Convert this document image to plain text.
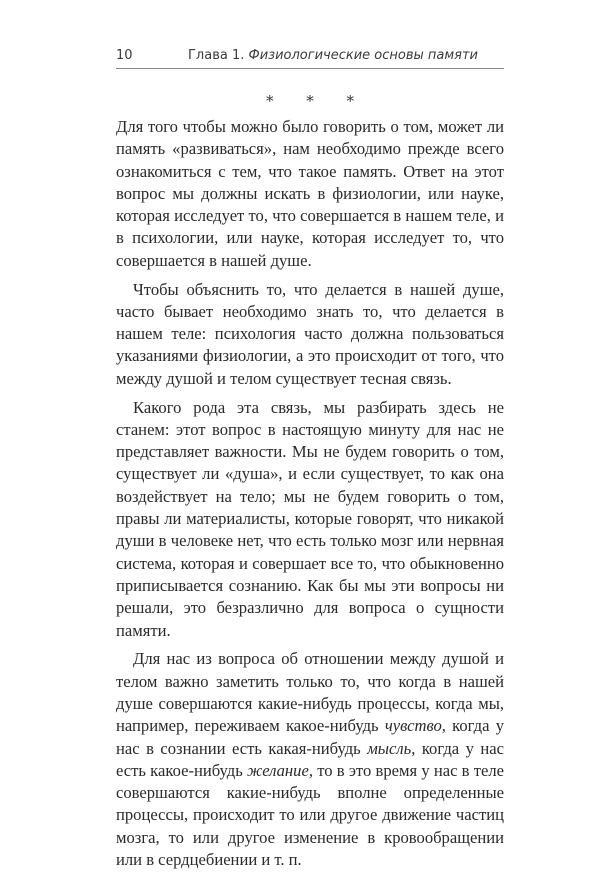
10	Глава 1. Физиологические основы памяти
* * *

Для того чтобы можно было говорить о том, может ли память «развиваться», нам необходимо прежде всего ознакомиться с тем, что такое память. Ответ на этот вопрос мы должны искать в физиологии, или науке, которая исследует то, что совершается в нашем теле, и в психологии, или науке, которая исследует то, что совершается в нашей душе.

Чтобы объяснить то, что делается в нашей душе, часто бывает необходимо знать то, что делается в нашем теле: психология часто должна пользоваться указаниями физиологии, а это происходит от того, что между душой и телом существует тесная связь.

Какого рода эта связь, мы разбирать здесь не станем: этот вопрос в настоящую минуту для нас не представляет важности. Мы не будем говорить о том, существует ли «душа», и если существует, то как она воздействует на тело; мы не будем говорить о том, правы ли материалисты, которые говорят, что никакой души в человеке нет, что есть только мозг или нервная система, которая и совершает все то, что обыкновенно приписывается сознанию. Как бы мы эти вопросы ни решали, это безразлично для вопроса о сущности памяти.

Для нас из вопроса об отношении между душой и телом важно заметить только то, что когда в нашей душе совершаются какие-нибудь процессы, когда мы, например, переживаем какое-нибудь чувство, когда у нас в сознании есть какая-нибудь мысль, когда у нас есть какое-нибудь желание, то в это время у нас в теле совершаются какие-нибудь вполне определенные процессы, происходит то или другое движение частиц мозга, то или другое изменение в кровообращении или в сердцебиении и т. п.
